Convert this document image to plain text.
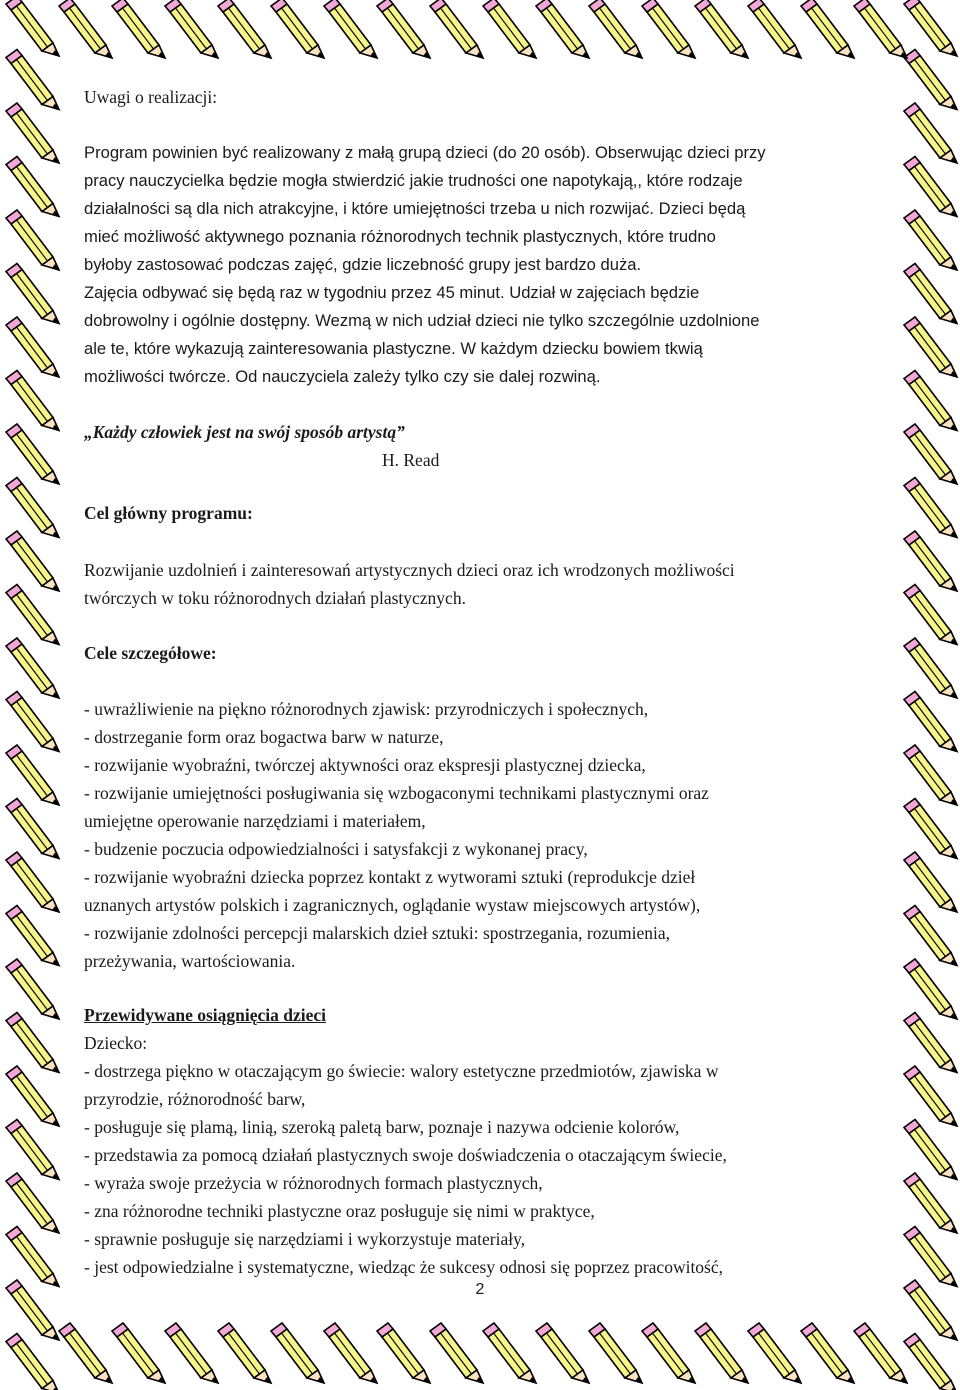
Uwagi o realizacji:
Program powinien być realizowany z małą grupą dzieci (do 20 osób). Obserwując dzieci przy
pracy nauczycielka będzie mogła stwierdzić jakie trudności one napotykają,, które rodzaje
działalności są dla nich atrakcyjne, i które umiejętności trzeba u nich rozwijać. Dzieci będą
mieć możliwość aktywnego poznania różnorodnych technik plastycznych, które trudno
byłoby zastosować podczas zajęć, gdzie liczebność grupy jest bardzo duża.
Zajęcia odbywać się będą raz w tygodniu przez 45 minut. Udział w zajęciach będzie
dobrowolny i ogólnie dostępny. Wezmą w nich udział dzieci nie tylko szczególnie uzdolnione
ale te, które wykazują zainteresowania plastyczne. W każdym dziecku bowiem tkwią
możliwości twórcze. Od nauczyciela zależy tylko czy sie dalej rozwiną.
„Każdy człowiek jest na swój sposób artystą”
H. Read
Cel główny programu:
Rozwijanie uzdolnień i zainteresowań artystycznych dzieci oraz ich wrodzonych możliwości
twórczych w toku różnorodnych działań plastycznych.
Cele szczegółowe:
- uwrażliwienie na piękno różnorodnych zjawisk: przyrodniczych i społecznych,
- dostrzeganie form oraz bogactwa barw w naturze,
- rozwijanie wyobraźni, twórczej aktywności oraz ekspresji plastycznej dziecka,
- rozwijanie umiejętności posługiwania się wzbogaconymi technikami plastycznymi oraz
umiejętne operowanie narzędziami i materiałem,
- budzenie poczucia odpowiedzialności i satysfakcji z wykonanej pracy,
- rozwijanie wyobraźni dziecka poprzez kontakt z wytworami sztuki (reprodukcje dzieł
uznanych artystów polskich i zagranicznych, oglądanie wystaw miejscowych artystów),
- rozwijanie zdolności percepcji malarskich dzieł sztuki: spostrzegania, rozumienia,
przeżywania, wartościowania.
Przewidywane osiągnięcia dzieci
Dziecko:
- dostrzega piękno w otaczającym go świecie: walory estetyczne przedmiotów, zjawiska w
przyrodzie, różnorodność barw,
- posługuje się plamą, linią, szeroką paletą barw, poznaje i nazywa odcienie kolorów,
- przedstawia za pomocą działań plastycznych swoje doświadczenia o otaczającym świecie,
- wyraża swoje przeżycia w różnorodnych formach plastycznych,
- zna różnorodne techniki plastyczne oraz posługuje się nimi w praktyce,
- sprawnie posługuje się narzędziami i wykorzystuje materiały,
- jest odpowiedzialne i systematyczne, wiedząc że sukcesy odnosi się poprzez pracowitość,
2
